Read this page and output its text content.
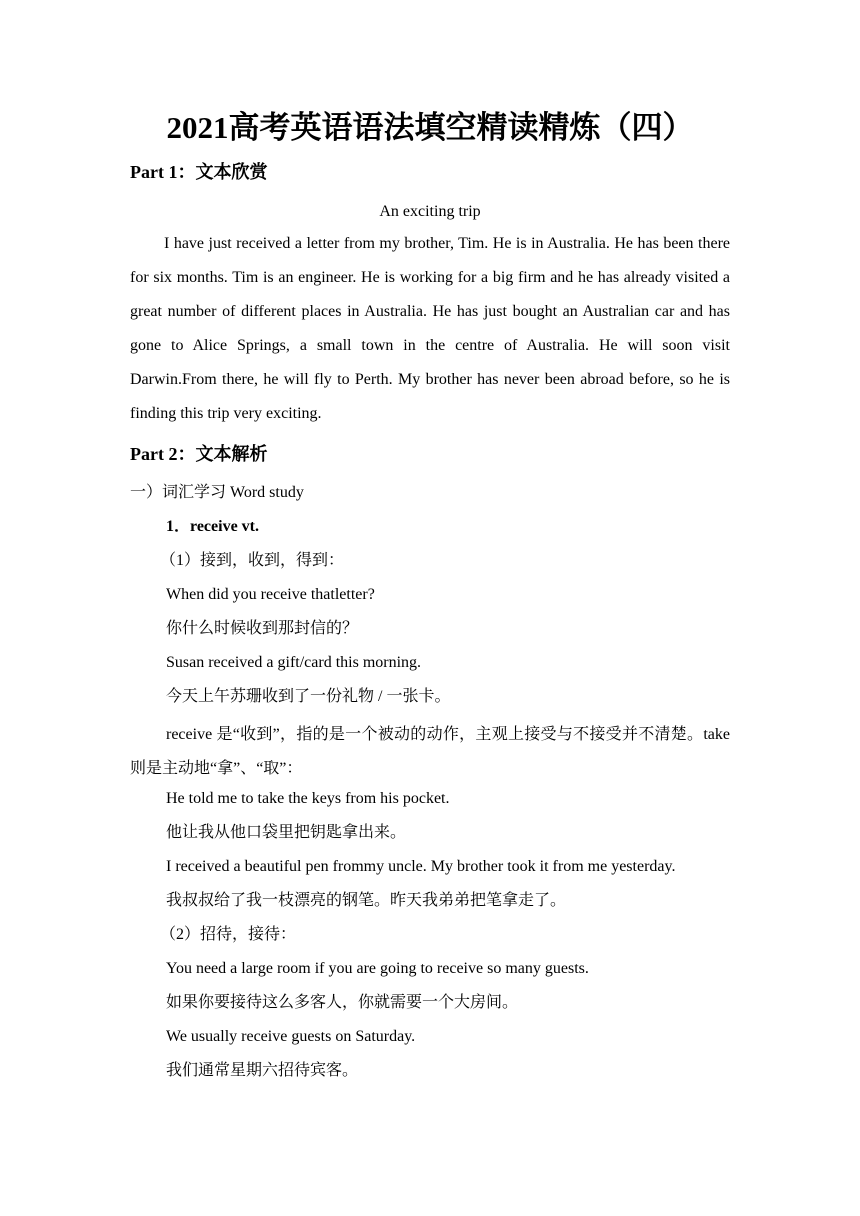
2021高考英语语法填空精读精炼（四）
Part 1：文本欣赏
An exciting trip

I have just received a letter from my brother, Tim. He is in Australia. He has been there for six months. Tim is an engineer. He is working for a big firm and he has already visited a great number of different places in Australia. He has just bought an Australian car and has gone to Alice Springs, a small town in the centre of Australia. He will soon visit Darwin.From there, he will fly to Perth. My brother has never been abroad before, so he is finding this trip very exciting.

Part 2：文本解析
一）词汇学习 Word study
1．receive vt.
（1）接到，收到，得到：
When did you receive thatletter?
你什么时候收到那封信的？
Susan received a gift/card this morning.
今天上午苏珊收到了一份礼物 / 一张卡。

receive 是“收到”，指的是一个被动的动作，主观上接受与不接受并不清楚。take 则是主动地“拿”、“取”：

He told me to take the keys from his pocket.
他让我从他口袋里把钥匙拿出来。
I received a beautiful pen frommy uncle. My brother took it from me yesterday.
我叔叔给了我一枝漂亮的钢笔。昨天我弟弟把笔拿走了。
（2）招待，接待：
You need a large room if you are going to receive so many guests.
如果你要接待这么多客人，你就需要一个大房间。
We usually receive guests on Saturday.
我们通常星期六招待宾客。
